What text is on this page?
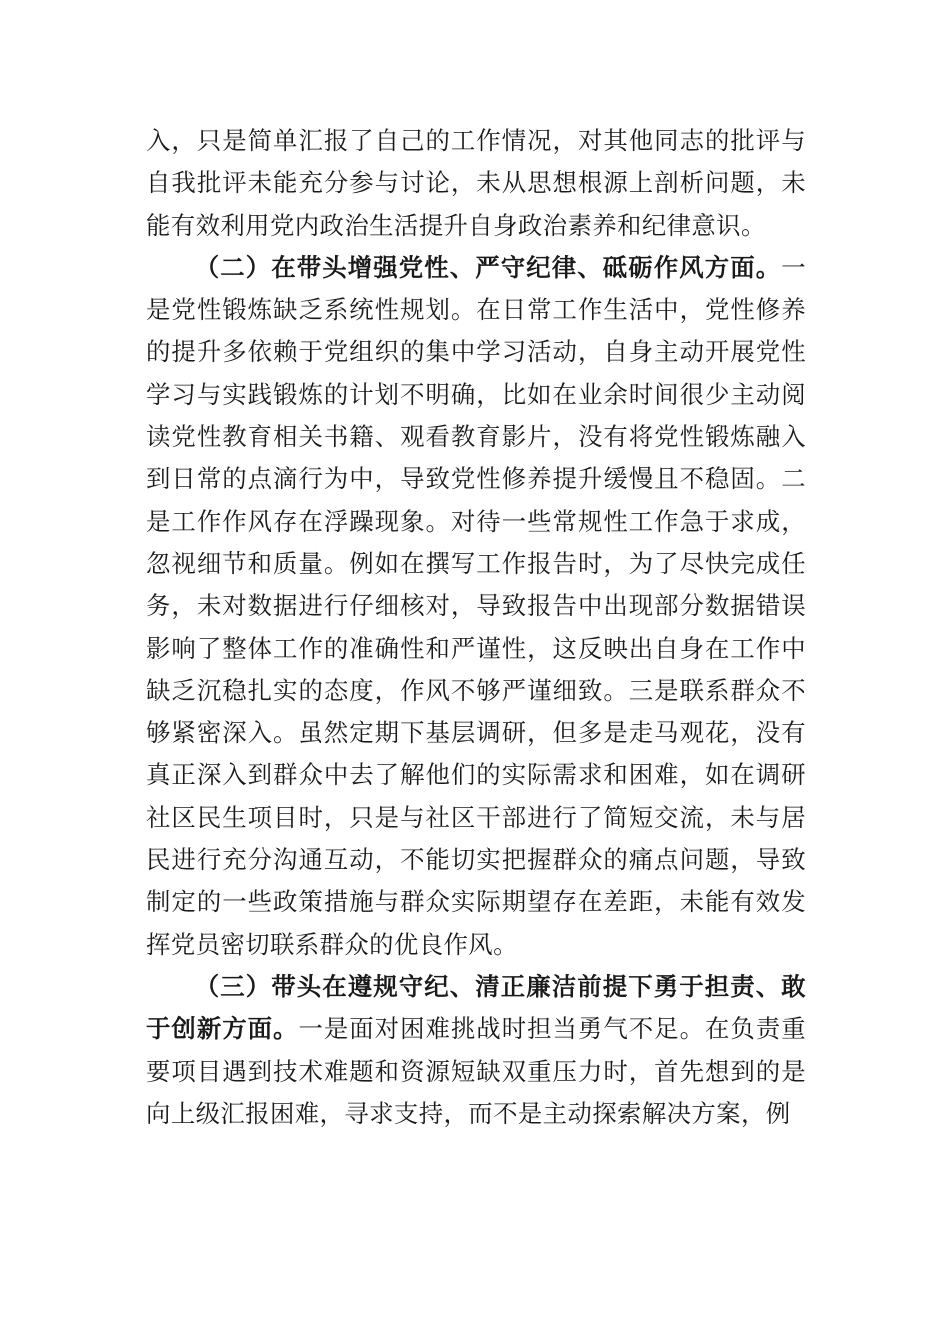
入，只是简单汇报了自己的工作情况，对其他同志的批评与自我批评未能充分参与讨论，未从思想根源上剖析问题，未能有效利用党内政治生活提升自身政治素养和纪律意识。

（二）在带头增强党性、严守纪律、砥砺作风方面。一是党性锻炼缺乏系统性规划。在日常工作生活中，党性修养的提升多依赖于党组织的集中学习活动，自身主动开展党性学习与实践锻炼的计划不明确，比如在业余时间很少主动阅读党性教育相关书籍、观看教育影片，没有将党性锻炼融入到日常的点滴行为中，导致党性修养提升缓慢且不稳固。二是工作作风存在浮躁现象。对待一些常规性工作急于求成，忽视细节和质量。例如在撰写工作报告时，为了尽快完成任务，未对数据进行仔细核对，导致报告中出现部分数据错误影响了整体工作的准确性和严谨性，这反映出自身在工作中缺乏沉稳扎实的态度，作风不够严谨细致。三是联系群众不够紧密深入。虽然定期下基层调研，但多是走马观花，没有真正深入到群众中去了解他们的实际需求和困难，如在调研社区民生项目时，只是与社区干部进行了简短交流，未与居民进行充分沟通互动，不能切实把握群众的痛点问题，导致制定的一些政策措施与群众实际期望存在差距，未能有效发挥党员密切联系群众的优良作风。

（三）带头在遵规守纪、清正廉洁前提下勇于担责、敢于创新方面。一是面对困难挑战时担当勇气不足。在负责重要项目遇到技术难题和资源短缺双重压力时，首先想到的是向上级汇报困难，寻求支持，而不是主动探索解决方案，例
